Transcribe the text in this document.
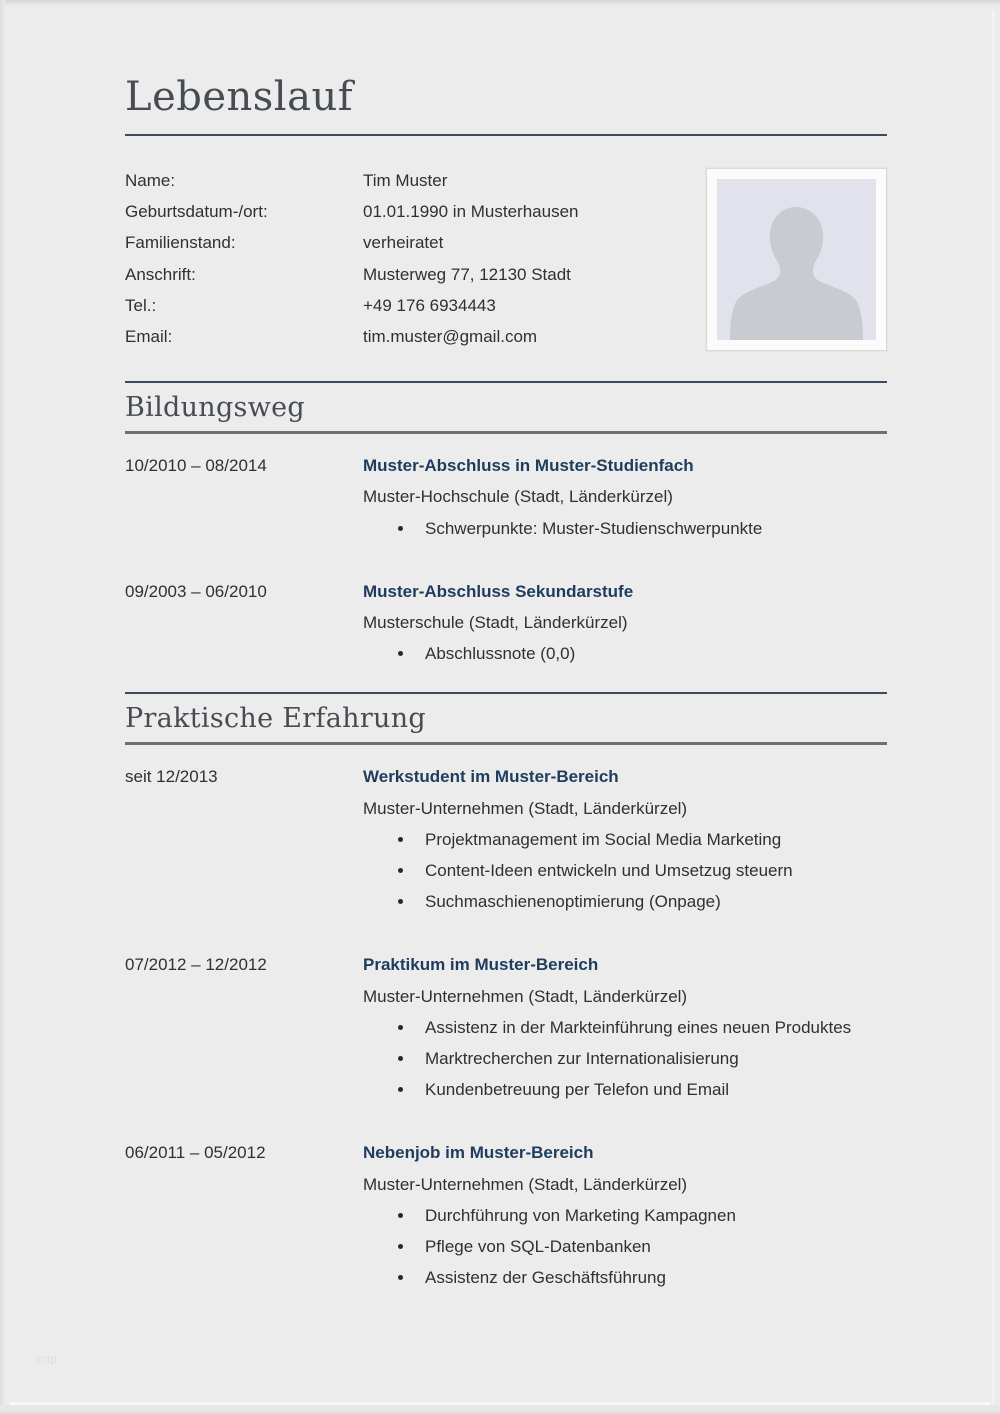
Lebenslauf
Name:	Tim Muster
Geburtsdatum-/ort:	01.01.1990 in Musterhausen
Familienstand:	verheiratet
Anschrift:	Musterweg 77, 12130 Stadt
Tel.:	+49 176 6934443
Email:	tim.muster@gmail.com
Bildungsweg
10/2010 – 08/2014	Muster-Abschluss in Muster-Studienfach
Muster-Hochschule (Stadt, Länderkürzel)
Schwerpunkte: Muster-Studienschwerpunkte
09/2003 – 06/2010	Muster-Abschluss Sekundarstufe
Musterschule (Stadt, Länderkürzel)
Abschlussnote (0,0)
Praktische Erfahrung
seit 12/2013	Werkstudent im Muster-Bereich
Muster-Unternehmen (Stadt, Länderkürzel)
Projektmanagement im Social Media Marketing
Content-Ideen entwickeln und Umsetzug steuern
Suchmaschienenoptimierung (Onpage)
07/2012 – 12/2012	Praktikum im Muster-Bereich
Muster-Unternehmen (Stadt, Länderkürzel)
Assistenz in der Markteinführung eines neuen Produktes
Marktrecherchen zur Internationalisierung
Kundenbetreuung per Telefon und Email
06/2011 – 05/2012	Nebenjob im Muster-Bereich
Muster-Unternehmen (Stadt, Länderkürzel)
Durchführung von Marketing Kampagnen
Pflege von SQL-Datenbanken
Assistenz der Geschäftsführung
http
